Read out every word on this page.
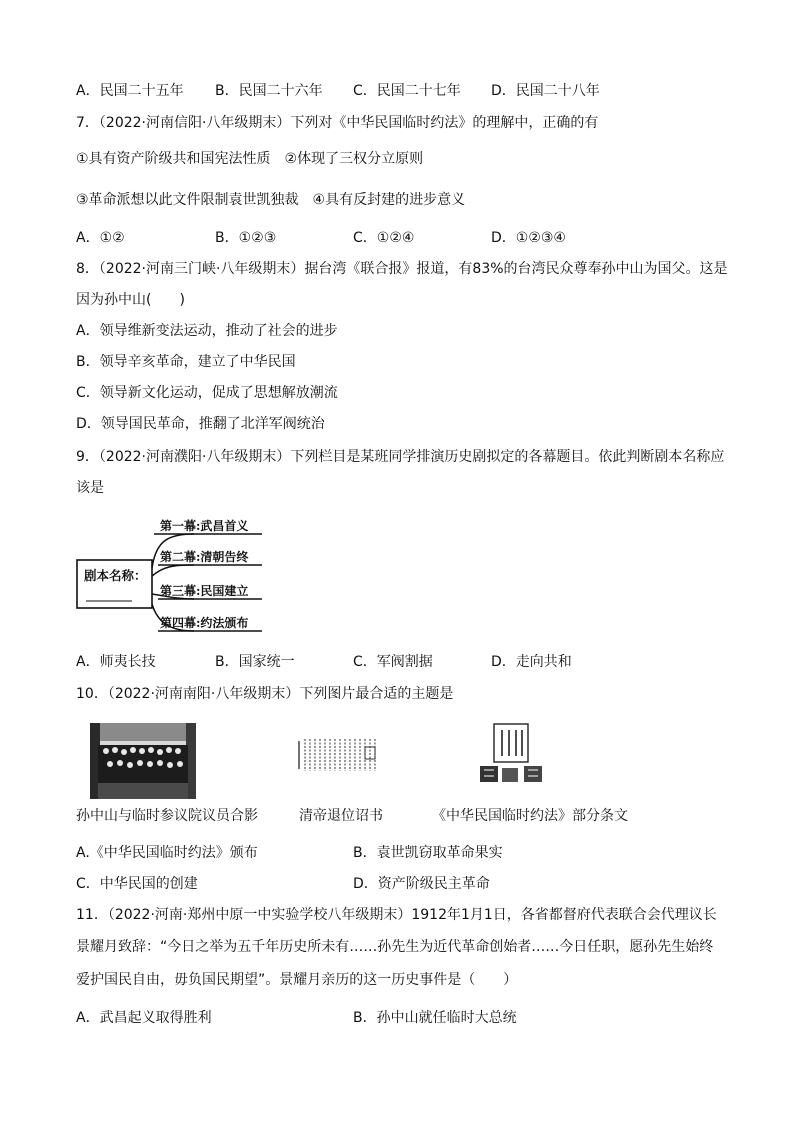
A．民国二十五年 B．民国二十六年 C．民国二十七年 D．民国二十八年
7．（2022·河南信阳·八年级期末）下列对《中华民国临时约法》的理解中，正确的有
①具有资产阶级共和国宪法性质　②体现了三权分立原则
③革命派想以此文件限制袁世凯独裁　④具有反封建的进步意义
A．①②	B．①②③	C．①②④	D．①②③④
8．（2022·河南三门峡·八年级期末）据台湾《联合报》报道，有83%的台湾民众尊奉孙中山为国父。这是
因为孙中山(　　)
A．领导维新变法运动，推动了社会的进步
B．领导辛亥革命，建立了中华民国
C．领导新文化运动，促成了思想解放潮流
D．领导国民革命，推翻了北洋军阀统治
9．（2022·河南濮阳·八年级期末）下列栏目是某班同学排演历史剧拟定的各幕题目。依此判断剧本名称应
该是
剧本名称：
第一幕:武昌首义
第二幕:清朝告终
第三幕:民国建立
第四幕:约法颁布
A．师夷长技	B．国家统一	C．军阀割据	D．走向共和
10．（2022·河南南阳·八年级期末）下列图片最合适的主题是
孙中山与临时参议院议员合影	清帝退位诏书	《中华民国临时约法》部分条文
A.《中华民国临时约法》颁布	B．袁世凯窃取革命果实
C．中华民国的创建	D．资产阶级民主革命
11．（2022·河南·郑州中原一中实验学校八年级期末）1912年1月1日，各省都督府代表联合会代理议长
景耀月致辞：“今日之举为五千年历史所未有……孙先生为近代革命创始者……今日任职，愿孙先生始终
爱护国民自由，毋负国民期望”。景耀月亲历的这一历史事件是（　　）
A．武昌起义取得胜利	B．孙中山就任临时大总统
